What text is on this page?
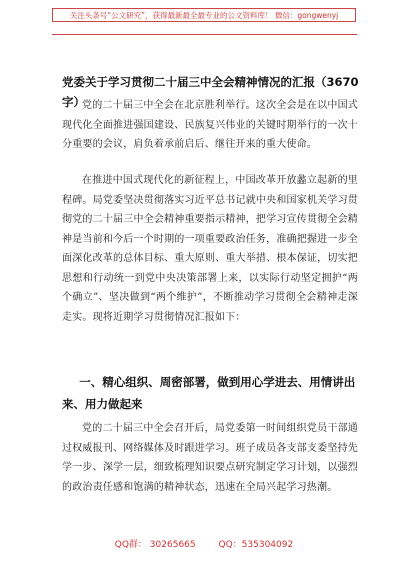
关注头条号“公文研究”，获得最新最全最专业的公文资料库！ 微信：gongwenyj
党委关于学习贯彻二十届三中全会精神情况的汇报（3670字）
党的二十届三中全会在北京胜利举行。这次全会是在以中国式现代化全面推进强国建设、民族复兴伟业的关键时期举行的一次十分重要的会议，肩负着承前启后、继往开来的重大使命。
在推进中国式现代化的新征程上，中国改革开放蠡立起新的里程碑。局党委坚决贯彻落实习近平总书记就中央和国家机关学习贯彻党的二十届三中全会精神重要指示精神，把学习宣传贯彻全会精神是当前和今后一个时期的一项重要政治任务，准确把握进一步全面深化改革的总体目标、重大原则、重大举措、根本保证，切实把思想和行动统一到党中央决策部署上来，以实际行动坚定拥护“两个确立”、坚决做到“两个维护”，不断推动学习贯彻全会精神走深走实。现将近期学习贯彻情况汇报如下：
一、精心组织、周密部署，做到用心学进去、用情讲出来、用力做起来
党的二十届三中全会召开后，局党委第一时间组织党员干部通过权威报刊、网络媒体及时跟进学习。班子成员各支部支委坚持先学一步、深学一层，细致梳理知识要点研究制定学习计划，以强烈的政治责任感和饱满的精神状态，迅速在全局兴起学习热潮。
QQ群： 30265665	QQ：535304092
